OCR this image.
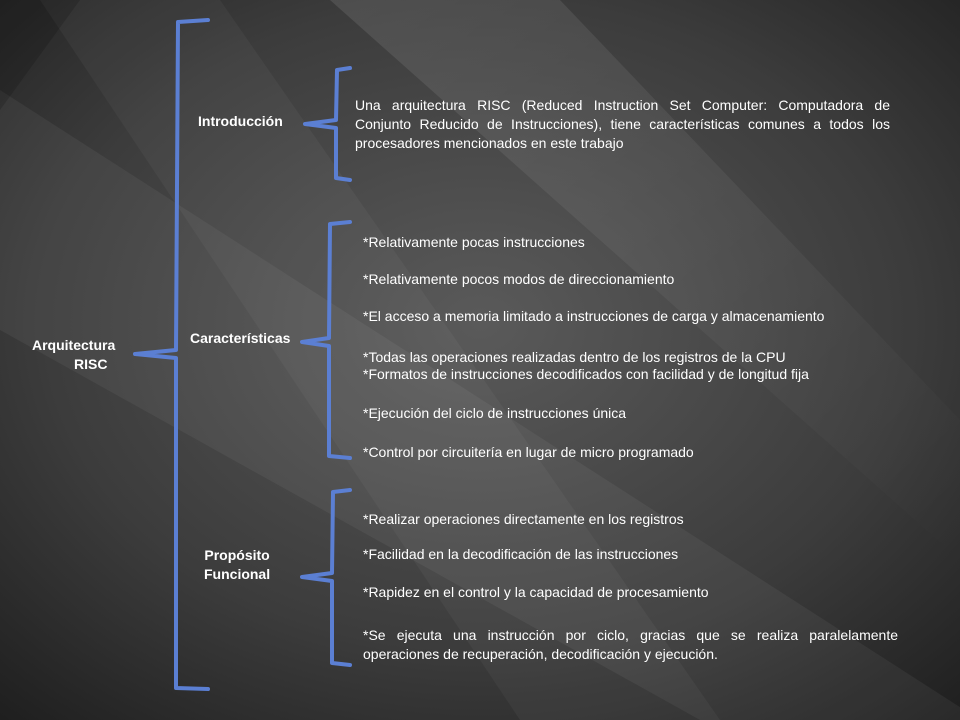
Arquitectura
RISC
Introducción
Características
Propósito
Funcional
Una arquitectura RISC (Reduced Instruction Set Computer: Computadora de Conjunto Reducido de Instrucciones), tiene características comunes a todos los procesadores mencionados en este trabajo

*Relativamente pocas instrucciones

*Relativamente pocos modos de direccionamiento

*El acceso a memoria limitado a instrucciones de carga y almacenamiento

*Todas las operaciones realizadas dentro de los registros de la CPU

*Formatos de instrucciones decodificados con facilidad y de longitud fija

*Ejecución del ciclo de instrucciones única

*Control por circuitería en lugar de micro programado

*Realizar operaciones directamente en los registros

*Facilidad en la decodificación de las instrucciones

*Rapidez en el control y la capacidad de procesamiento

*Se ejecuta una instrucción por ciclo, gracias que se realiza paralelamente operaciones de recuperación, decodificación y ejecución.
